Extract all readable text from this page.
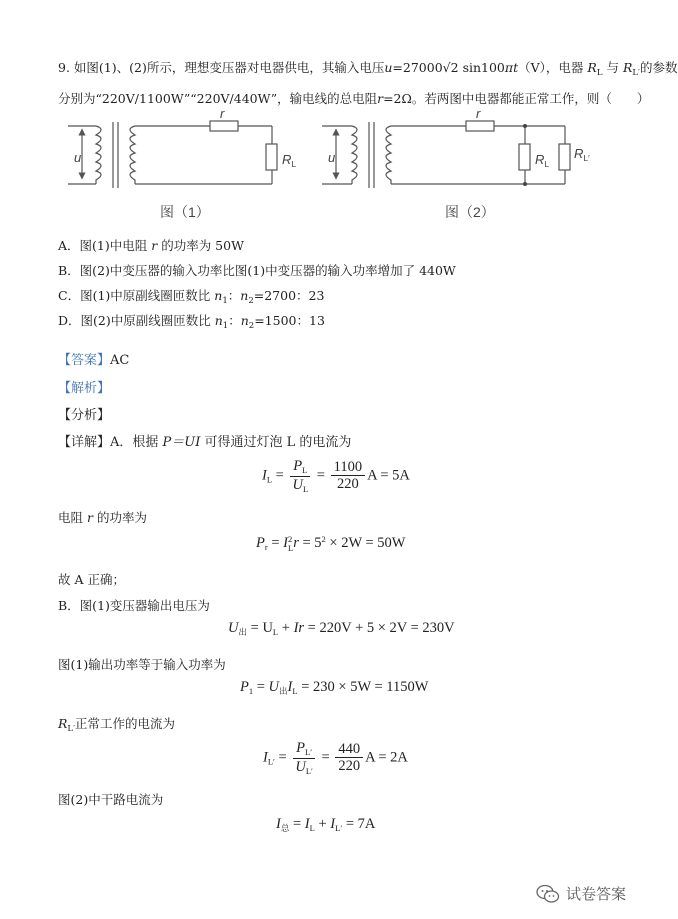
9. 如图(1)、(2)所示，理想变压器对电器供电，其输入电压u=27000√2 sin100πt（V），电器 $R_L$ 与 $R_{L'}$的参数
分别为“220V/1100W”“220V/440W”，输电线的总电阻r=2Ω。若两图中电器都能正常工作，则（　　）
u
r
$R_L$
图（1）
u
r
$R_L$
$R_{L'}$
图（2）
A．图(1)中电阻 r 的功率为 50W
B．图(2)中变压器的输入功率比图(1)中变压器的输入功率增加了 440W
C．图(1)中原副线圈匝数比 $n_1$：$n_2=2700$：23
D．图(2)中原副线圈匝数比 $n_1$：$n_2=1500$：13
【答案】AC
【解析】
【分析】
【详解】A．根据 P＝UI 可得通过灯泡 L 的电流为
$I_L = \frac{P_L}{U_L} = \frac{1100}{220}$ A = 5A
电阻 r 的功率为
$P_r = I$ 2
L $r = 5^2 \times 2W = 50W$
故 A 正确；
B．图(1)变压器输出电压为
$U_出 = U_L + Ir = 220V + 5 \times 2V = 230V$
图(1)输出功率等于输入功率为
$P_1 = U_出I_L = 230 \times 5W = 1150W$
$R_{L'}$正常工作的电流为
$I_{L'} = \frac{P_{L'}}{U_{L'}} = \frac{440}{220}$ A = 2A
图(2)中干路电流为
$I_总 = I_L + I_{L'} = 7A$
试卷答案
